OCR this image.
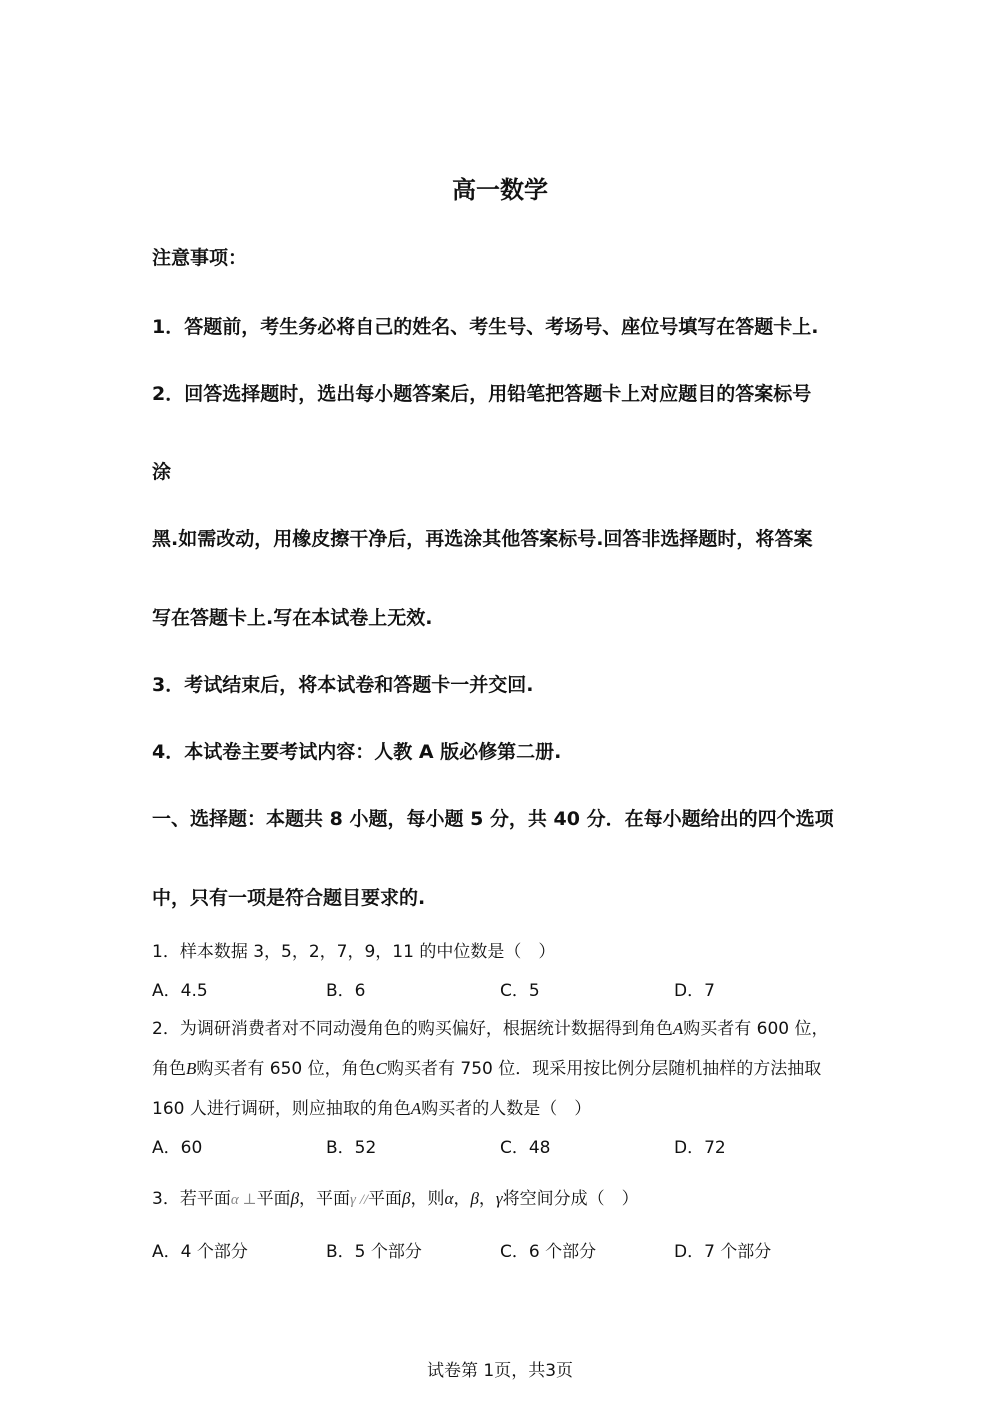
高一数学
注意事项：
1．答题前，考生务必将自己的姓名、考生号、考场号、座位号填写在答题卡上.
2．回答选择题时，选出每小题答案后，用铅笔把答题卡上对应题目的答案标号
涂
黑.如需改动，用橡皮擦干净后，再选涂其他答案标号.回答非选择题时，将答案
写在答题卡上.写在本试卷上无效.
3．考试结束后，将本试卷和答题卡一并交回.
4．本试卷主要考试内容：人教 A 版必修第二册.
一、选择题：本题共 8 小题，每小题 5 分，共 40 分．在每小题给出的四个选项
中，只有一项是符合题目要求的.
1．样本数据 3，5，2，7，9，11 的中位数是（　）
A．4.5	B．6	C．5	D．7
2．为调研消费者对不同动漫角色的购买偏好，根据统计数据得到角色A购买者有 600 位，
角色B购买者有 650 位，角色C购买者有 750 位．现采用按比例分层随机抽样的方法抽取
160 人进行调研，则应抽取的角色A购买者的人数是（　）
A．60	B．52	C．48	D．72
3．若平面α ⊥平面β，平面γ //平面β，则α，β，γ将空间分成（　）
A．4 个部分	B．5 个部分	C．6 个部分	D．7 个部分
试卷第 1页，共3页
